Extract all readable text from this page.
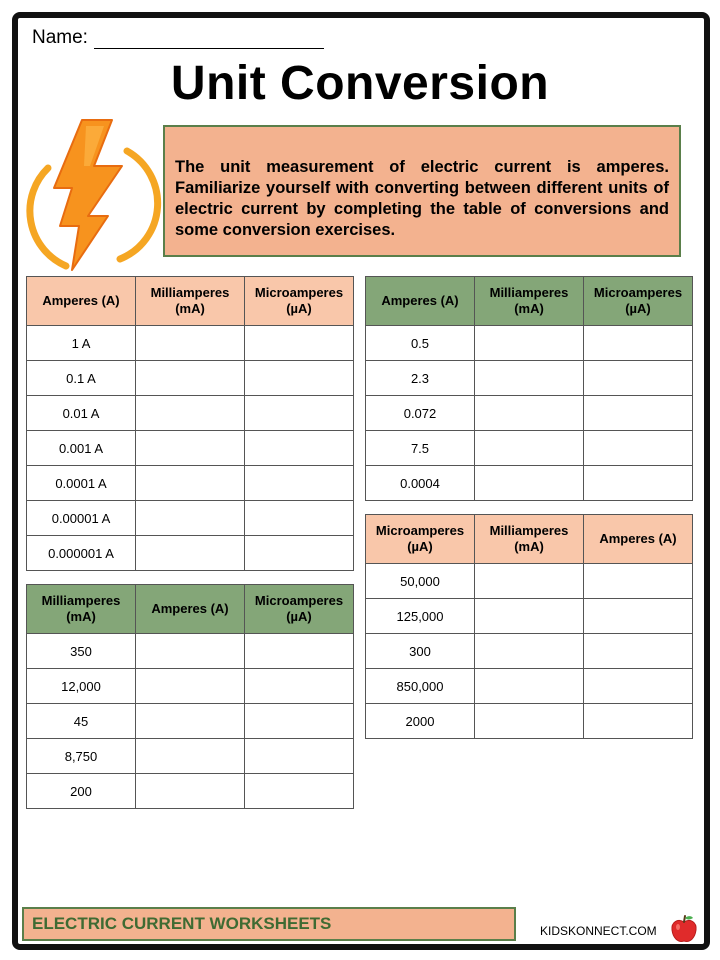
Name:
Unit Conversion
The unit measurement of electric current is amperes. Familiarize yourself with converting between different units of electric current by completing the table of conversions and some conversion exercises.
Amperes (A)	Milliamperes (mA)	Microamperes (µA)
1 A		
0.1 A		
0.01 A		
0.001 A		
0.0001 A		
0.00001 A		
0.000001 A		
Milliamperes (mA)	Amperes (A)	Microamperes (µA)
350		
12,000		
45		
8,750		
200		
Amperes (A)	Milliamperes (mA)	Microamperes (µA)
0.5		
2.3		
0.072		
7.5		
0.0004		
Microamperes (µA)	Milliamperes (mA)	Amperes (A)
50,000		
125,000		
300		
850,000		
2000		
ELECTRIC CURRENT WORKSHEETS	KIDSKONNECT.COM
